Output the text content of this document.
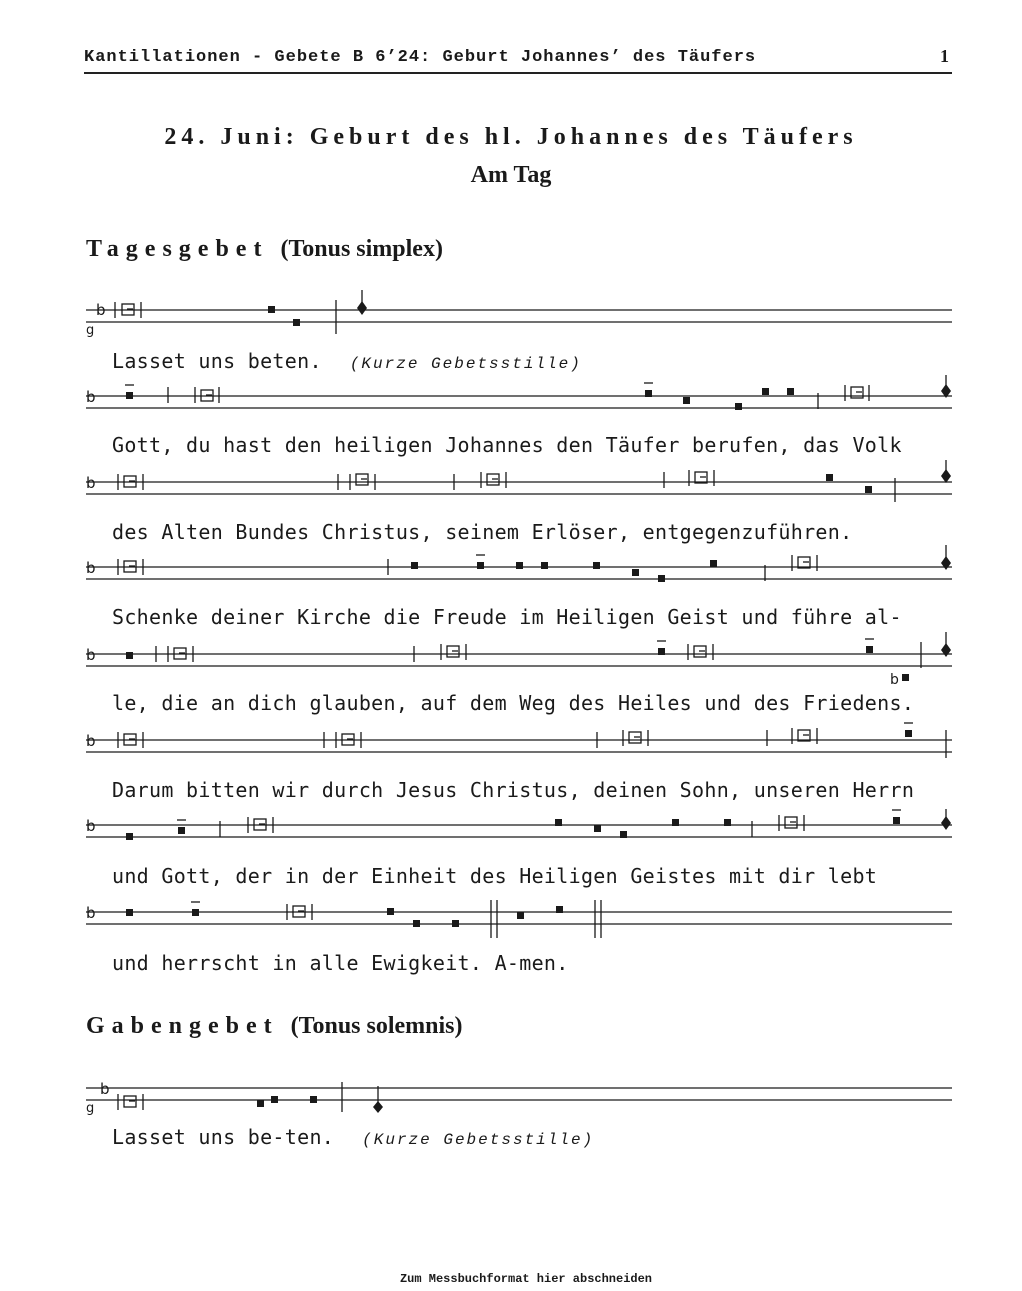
Kantillationen - Gebete B 6’24: Geburt Johannes’ des Täufers	1
24. Juni: Geburt des hl. Johannes des Täufers
Am Tag
Tagesgebet (Tonus simplex)
b
g
Lasset uns beten. (Kurze Gebetsstille)
b
Gott, du hast den heiligen Johannes den Täufer berufen, das Volk
b
des Alten Bundes Christus, seinem Erlöser, entgegenzuführen.
b
Schenke deiner Kirche die Freude im Heiligen Geist und führe al-
b
b
le, die an dich glauben, auf dem Weg des Heiles und des Friedens.
b
Darum bitten wir durch Jesus Christus, deinen Sohn, unseren Herrn
b
und Gott, der in der Einheit des Heiligen Geistes mit dir lebt
b
und herrscht in alle Ewigkeit. A-men.
Gabengebet (Tonus solemnis)
b
g
Lasset uns be-ten. (Kurze Gebetsstille)
Zum Messbuchformat hier abschneiden
